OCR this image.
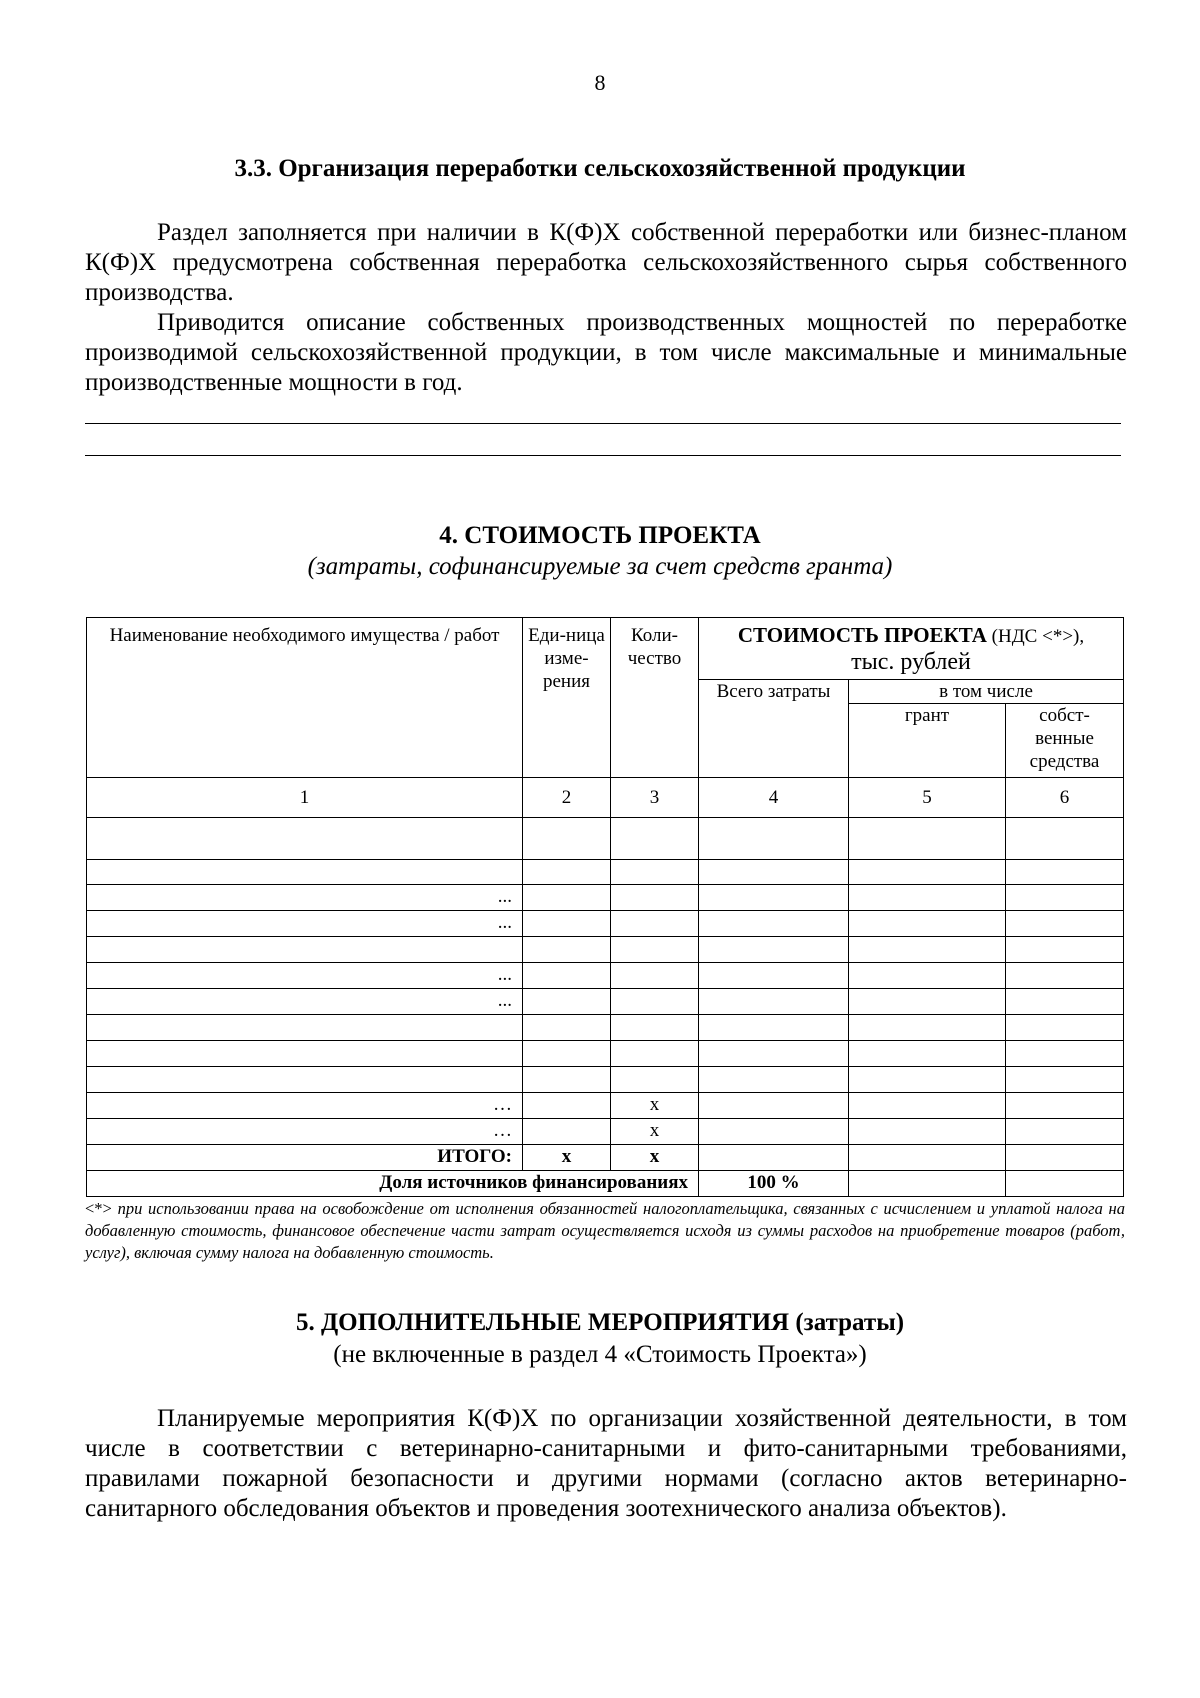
8
3.3. Организация переработки сельскохозяйственной продукции

Раздел заполняется при наличии в К(Ф)Х собственной переработки или бизнес-планом К(Ф)Х предусмотрена собственная переработка сельскохозяйственного сырья собственного производства.

Приводится описание собственных производственных мощностей по переработке производимой сельскохозяйственной продукции, в том числе максимальные и минимальные производственные мощности в год.

4. СТОИМОСТЬ ПРОЕКТА
(затраты, софинансируемые за счет средств гранта)
Наименование необходимого имущества / работ	Еди-ница изме-рения	Коли-чество	СТОИМОСТЬ ПРОЕКТА (НДС <*>),
тыс. рублей		
			Всего затраты	в том числе	
				грант	собст-венные средства
1	2	3	4	5	6

...					
...					

...					
...					

…		х			
…		х			
ИТОГО:	х	х			
Доля источников финансированиях			100 %		

<*> при использовании права на освобождение от исполнения обязанностей налогоплательщика, связанных с исчислением и уплатой налога на добавленную стоимость, финансовое обеспечение части затрат осуществляется исходя из суммы расходов на приобретение товаров (работ, услуг), включая сумму налога на добавленную стоимость.

5. ДОПОЛНИТЕЛЬНЫЕ МЕРОПРИЯТИЯ (затраты)
(не включенные в раздел 4 «Стоимость Проекта»)

Планируемые мероприятия К(Ф)Х по организации хозяйственной деятельности, в том числе в соответствии с ветеринарно-санитарными и фито-санитарными требованиями, правилами пожарной безопасности и другими нормами (согласно актов ветеринарно-санитарного обследования объектов и проведения зоотехнического анализа объектов).
